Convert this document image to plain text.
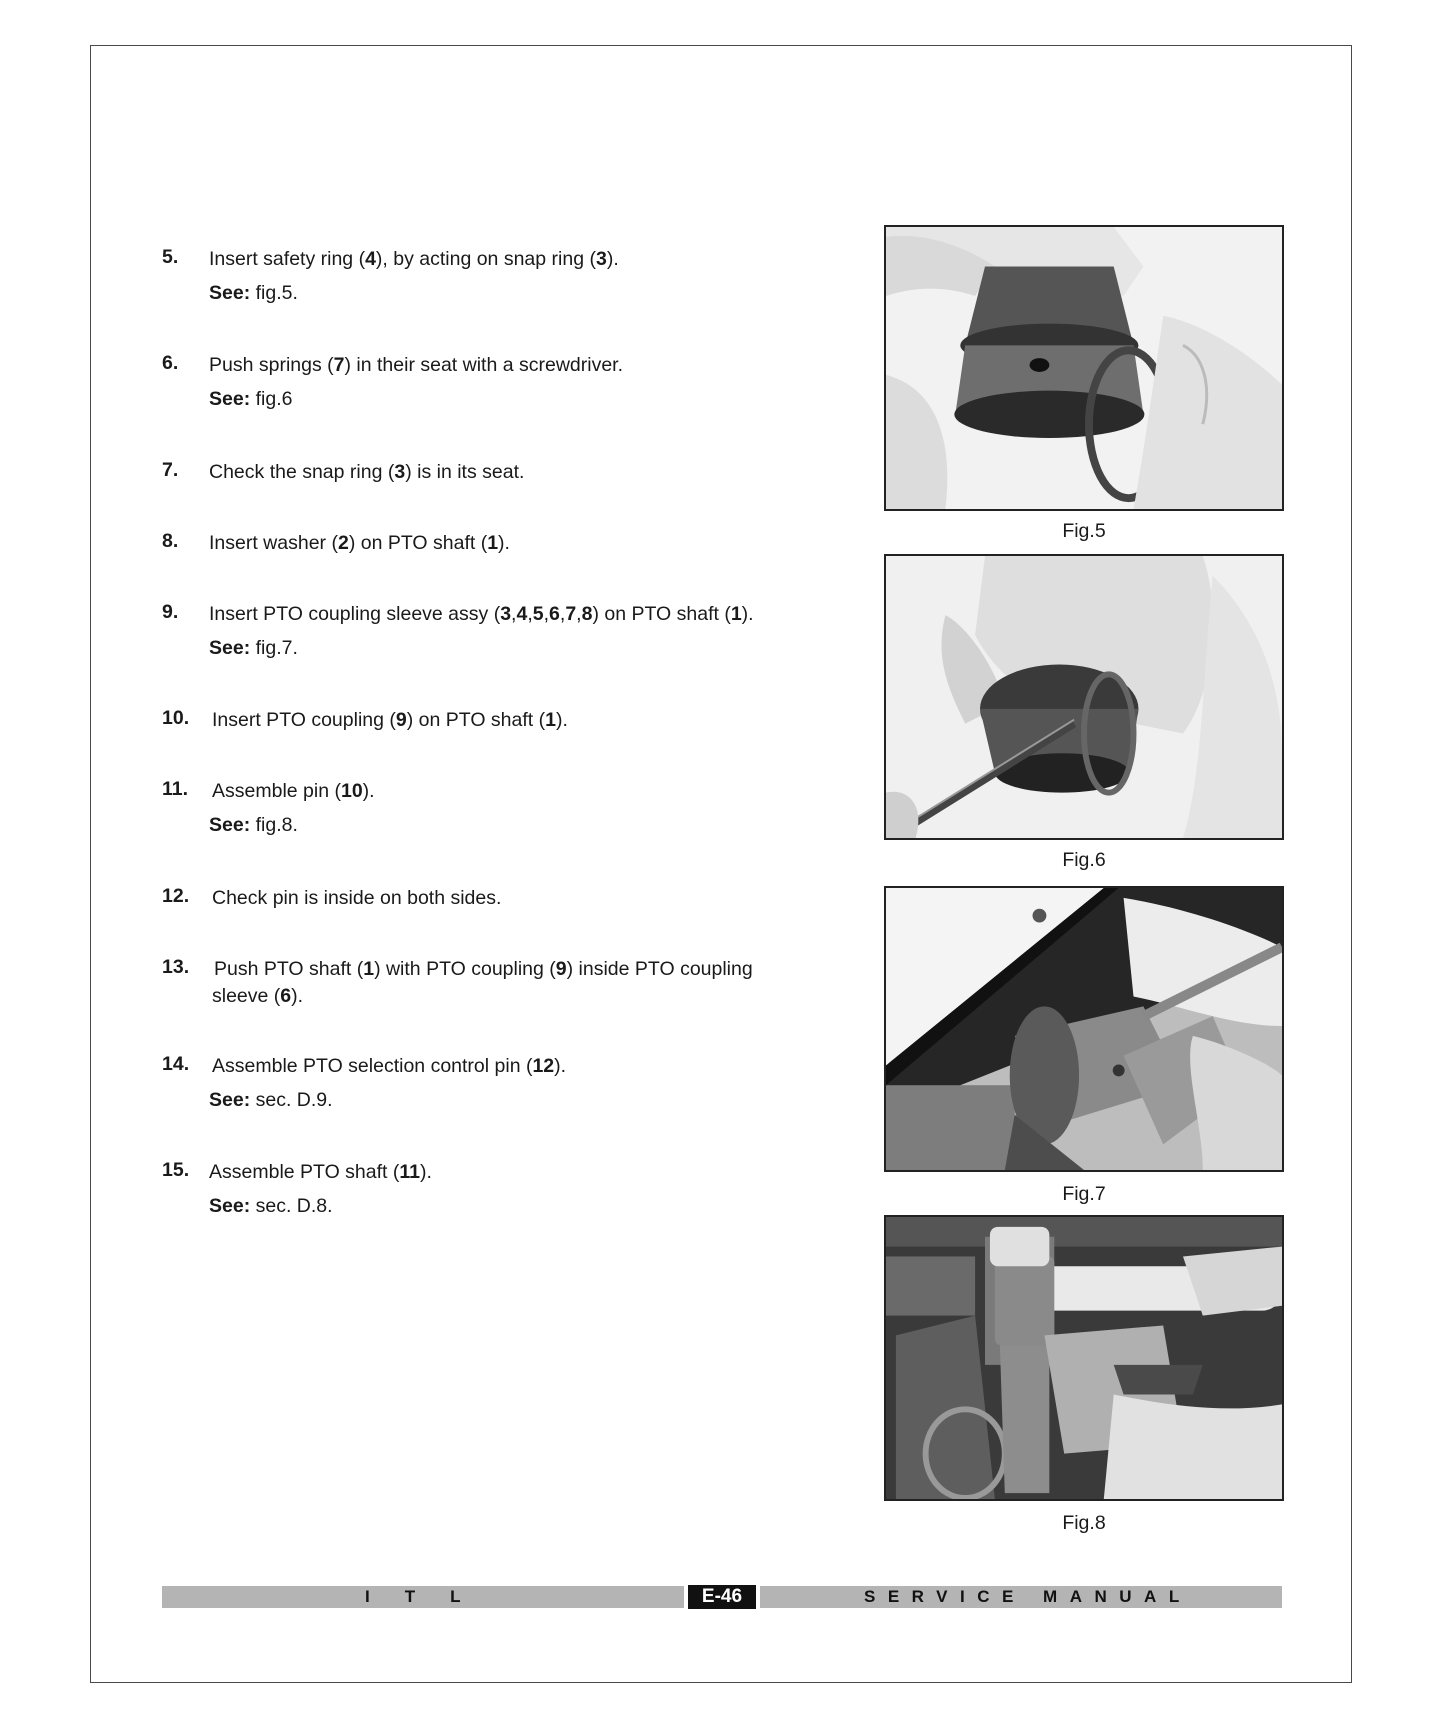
5. Insert safety ring (4), by acting on snap ring (3).
See: fig.5.
6. Push springs (7) in their seat with a screwdriver.
See: fig.6
7. Check the snap ring (3) is in its seat.
8. Insert washer (2) on PTO shaft (1).
9. Insert PTO coupling sleeve assy (3,4,5,6,7,8) on PTO shaft (1).
See: fig.7.
10. Insert PTO coupling (9) on PTO shaft (1).
11. Assemble pin (10).
See: fig.8.
12. Check pin is inside on both sides.
13. Push PTO shaft (1) with PTO coupling (9) inside PTO coupling sleeve (6).
14. Assemble PTO selection control pin (12).
See: sec. D.9.
15. Assemble PTO shaft (11).
See: sec. D.8.
Fig.5
Fig.6
Fig.7
Fig.8
ITL	E-46	SERVICE MANUAL
